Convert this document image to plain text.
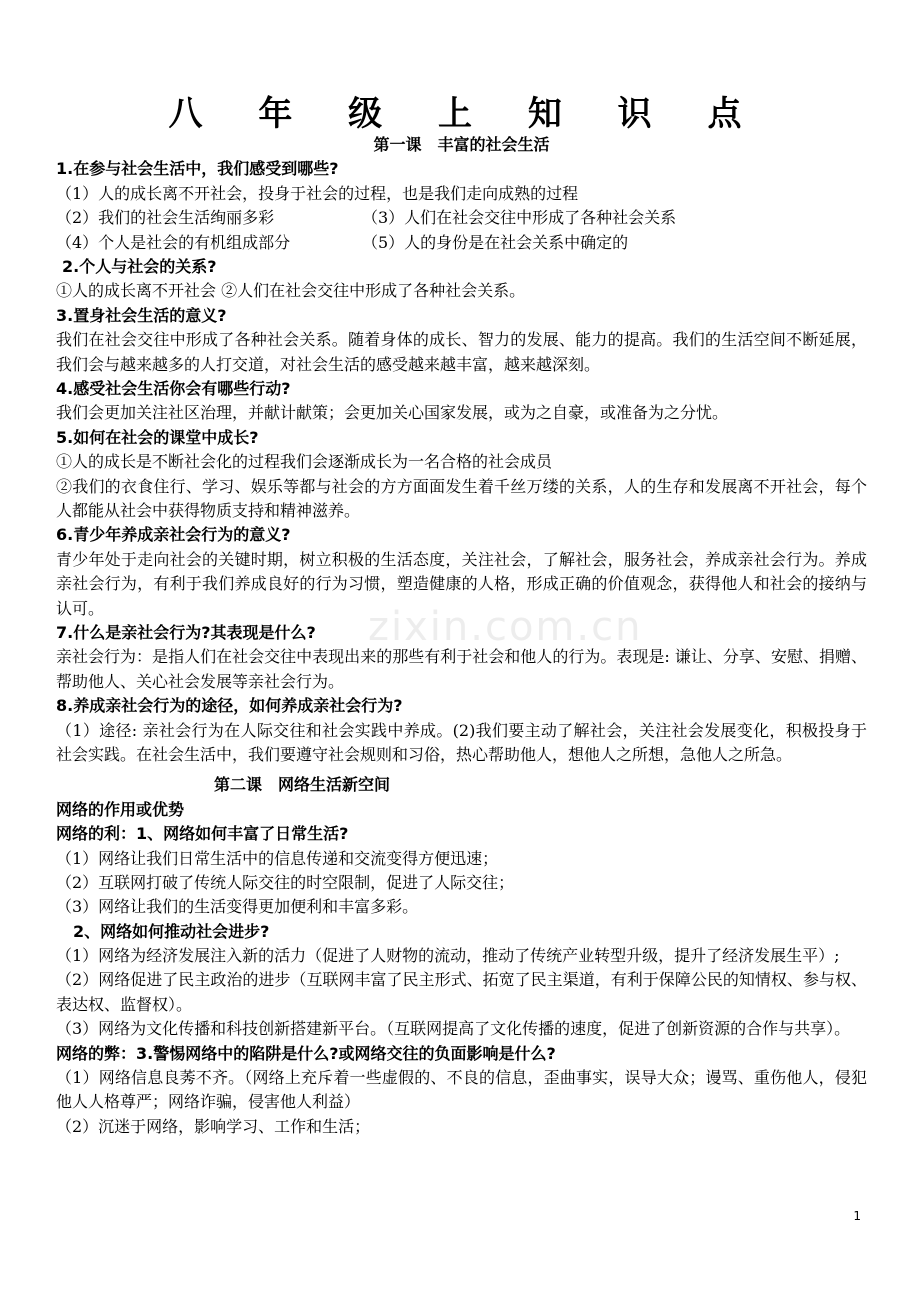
zixin.com.cn
八 年 级 上 知 识 点
第一课　丰富的社会生活
1.在参与社会生活中，我们感受到哪些?
（1）人的成长离不开社会，投身于社会的过程，也是我们走向成熟的过程
（2）我们的社会生活绚丽多彩	（3）人们在社会交往中形成了各种社会关系
（4）个人是社会的有机组成部分	（5）人的身份是在社会关系中确定的
2.个人与社会的关系?
①人的成长离不开社会 ②人们在社会交往中形成了各种社会关系。
3.置身社会生活的意义?
我们在社会交往中形成了各种社会关系。随着身体的成长、智力的发展、能力的提高。我们的生活空间不断延展，我们会与越来越多的人打交道，对社会生活的感受越来越丰富，越来越深刻。
4.感受社会生活你会有哪些行动?
我们会更加关注社区治理，并献计献策；会更加关心国家发展，或为之自豪，或准备为之分忧。
5.如何在社会的课堂中成长?
①人的成长是不断社会化的过程我们会逐渐成长为一名合格的社会成员
②我们的衣食住行、学习、娱乐等都与社会的方方面面发生着千丝万缕的关系，人的生存和发展离不开社会，每个人都能从社会中获得物质支持和精神滋养。
6.青少年养成亲社会行为的意义?
青少年处于走向社会的关键时期，树立积极的生活态度，关注社会，了解社会，服务社会，养成亲社会行为。养成亲社会行为，有利于我们养成良好的行为习惯，塑造健康的人格，形成正确的价值观念，获得他人和社会的接纳与认可。
7.什么是亲社会行为?其表现是什么?
亲社会行为：是指人们在社会交往中表现出来的那些有利于社会和他人的行为。表现是: 谦让、分享、安慰、捐赠、帮助他人、关心社会发展等亲社会行为。
8.养成亲社会行为的途径，如何养成亲社会行为?
（1）途径: 亲社会行为在人际交往和社会实践中养成。(2)我们要主动了解社会，关注社会发展变化，积极投身于社会实践。在社会生活中，我们要遵守社会规则和习俗，热心帮助他人，想他人之所想，急他人之所急。
第二课　网络生活新空间
网络的作用或优势
网络的利：1、网络如何丰富了日常生活?
（1）网络让我们日常生活中的信息传递和交流变得方便迅速；
（2）互联网打破了传统人际交往的时空限制，促进了人际交往；
（3）网络让我们的生活变得更加便利和丰富多彩。
2、网络如何推动社会进步?
（1）网络为经济发展注入新的活力（促进了人财物的流动，推动了传统产业转型升级，提升了经济发展生平）;
（2）网络促进了民主政治的进步（互联网丰富了民主形式、拓宽了民主渠道，有利于保障公民的知情权、参与权、表达权、监督权）。
（3）网络为文化传播和科技创新搭建新平台。（互联网提高了文化传播的速度，促进了创新资源的合作与共享）。
网络的弊：3.警惕网络中的陷阱是什么?或网络交往的负面影响是什么?
（1）网络信息良莠不齐。（网络上充斥着一些虚假的、不良的信息，歪曲事实，误导大众；谩骂、重伤他人，侵犯他人人格尊严；网络诈骗，侵害他人利益）
（2）沉迷于网络，影响学习、工作和生活；
1
